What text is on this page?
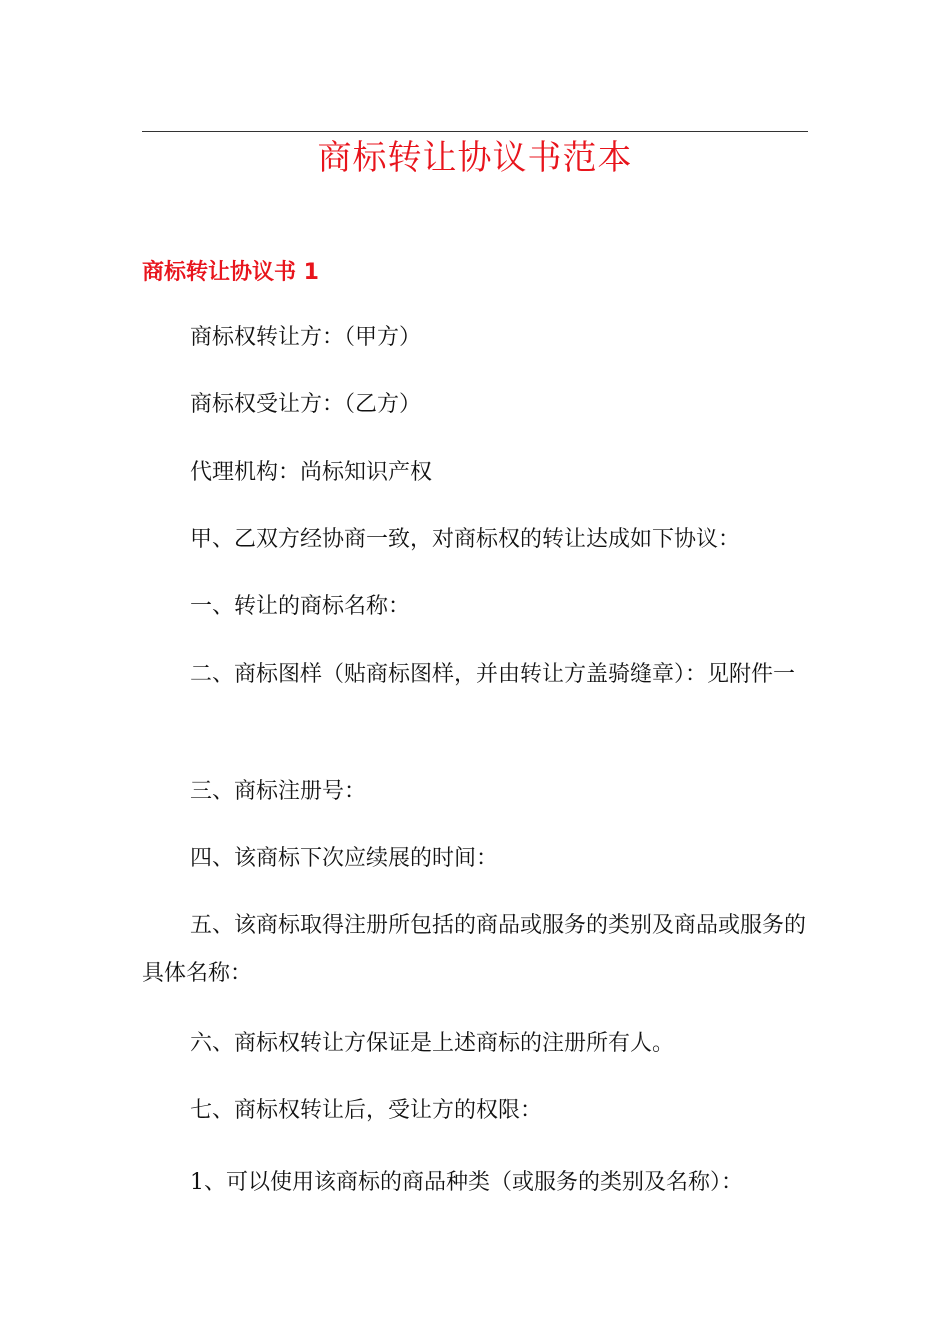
商标转让协议书范本
商标转让协议书 1
商标权转让方：（甲方）
商标权受让方：（乙方）
代理机构：尚标知识产权
甲、乙双方经协商一致，对商标权的转让达成如下协议：
一、转让的商标名称：
二、商标图样（贴商标图样，并由转让方盖骑缝章）：见附件一
三、商标注册号：
四、该商标下次应续展的时间：
五、该商标取得注册所包括的商品或服务的类别及商品或服务的具体名称：
六、商标权转让方保证是上述商标的注册所有人。
七、商标权转让后，受让方的权限：
1、可以使用该商标的商品种类（或服务的类别及名称）：
